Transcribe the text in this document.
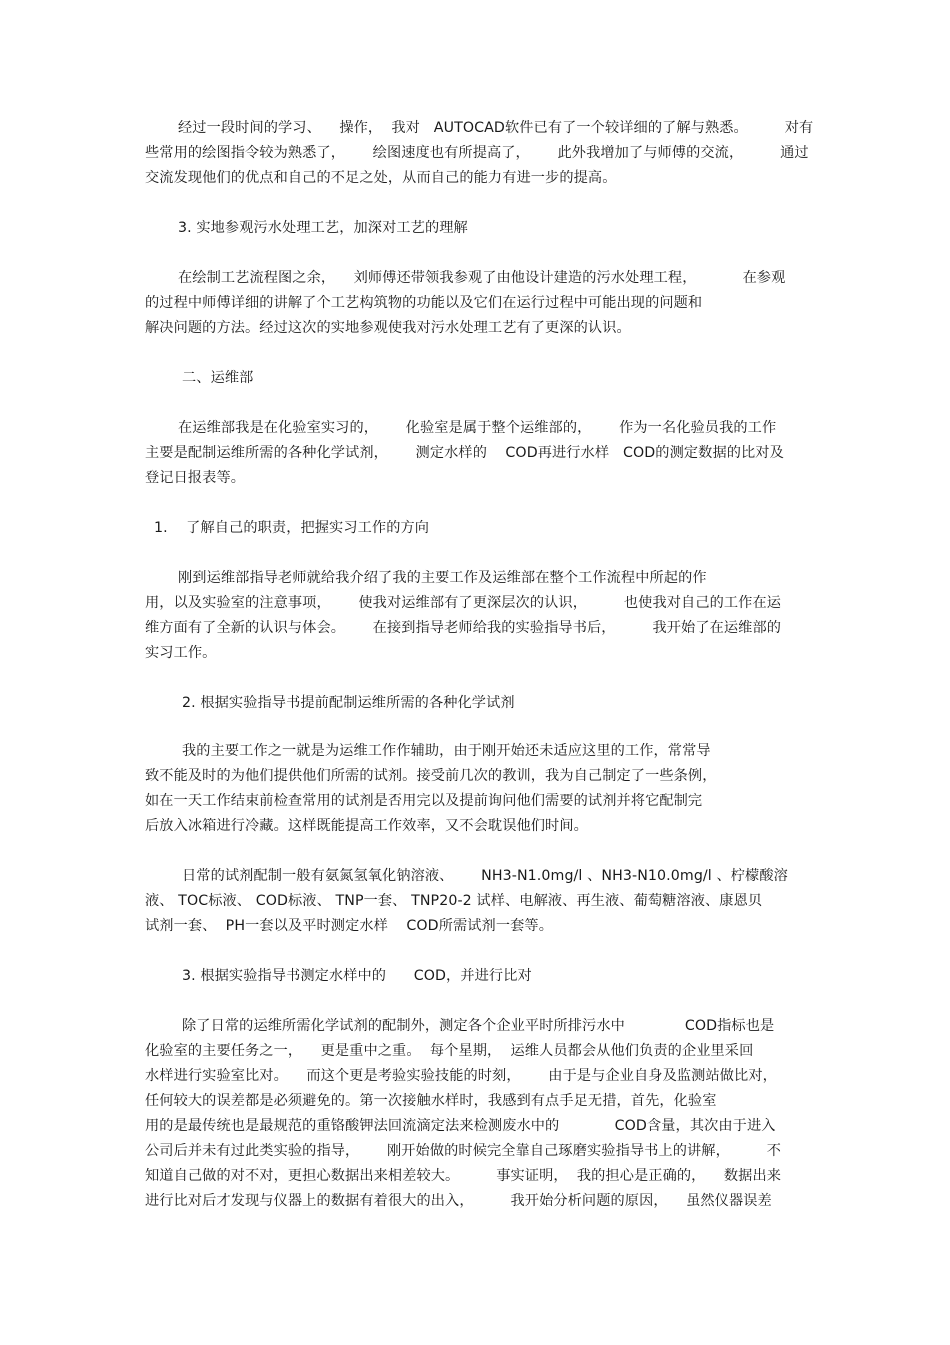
经过一段时间的学习、    操作，  我对   AUTOCAD软件已有了一个较详细的了解与熟悉。        对有
些常用的绘图指令较为熟悉了，      绘图速度也有所提高了，      此外我增加了与师傅的交流，        通过
交流发现他们的优点和自己的不足之处，从而自己的能力有进一步的提高。
3. 实地参观污水处理工艺，加深对工艺的理解
在绘制工艺流程图之余，    刘师傅还带领我参观了由他设计建造的污水处理工程，          在参观
的过程中师傅详细的讲解了个工艺构筑物的功能以及它们在运行过程中可能出现的问题和
解决问题的方法。经过这次的实地参观使我对污水处理工艺有了更深的认识。
二、运维部
在运维部我是在化验室实习的，      化验室是属于整个运维部的，      作为一名化验员我的工作
主要是配制运维所需的各种化学试剂，      测定水样的    COD再进行水样   COD的测定数据的比对及
登记日报表等。
1.    了解自己的职责，把握实习工作的方向
刚到运维部指导老师就给我介绍了我的主要工作及运维部在整个工作流程中所起的作
用，以及实验室的注意事项，      使我对运维部有了更深层次的认识，        也使我对自己的工作在运
维方面有了全新的认识与体会。      在接到指导老师给我的实验指导书后，        我开始了在运维部的
实习工作。
2. 根据实验指导书提前配制运维所需的各种化学试剂
我的主要工作之一就是为运维工作作辅助，由于刚开始还未适应这里的工作，常常导
致不能及时的为他们提供他们所需的试剂。接受前几次的教训，我为自己制定了一些条例，
如在一天工作结束前检查常用的试剂是否用完以及提前询问他们需要的试剂并将它配制完
后放入冰箱进行冷藏。这样既能提高工作效率，又不会耽误他们时间。
日常的试剂配制一般有氨氮氢氧化钠溶液、      NH3-N1.0mg/l 、NH3-N10.0mg/l 、柠檬酸溶
液、 TOC标液、 COD标液、 TNP一套、 TNP20-2 试样、电解液、再生液、葡萄糖溶液、康恩贝
试剂一套、  PH一套以及平时测定水样    COD所需试剂一套等。
3. 根据实验指导书测定水样中的      COD，并进行比对
除了日常的运维所需化学试剂的配制外，测定各个企业平时所排污水中             COD指标也是
化验室的主要任务之一，    更是重中之重。  每个星期，  运维人员都会从他们负责的企业里采回
水样进行实验室比对。    而这个更是考验实验技能的时刻，      由于是与企业自身及监测站做比对，
任何较大的误差都是必须避免的。第一次接触水样时，我感到有点手足无措，首先，化验室
用的是最传统也是最规范的重铬酸钾法回流滴定法来检测废水中的            COD含量，其次由于进入
公司后并未有过此类实验的指导，      刚开始做的时候完全靠自己琢磨实验指导书上的讲解，        不
知道自己做的对不对，更担心数据出来相差较大。        事实证明，  我的担心是正确的，    数据出来
进行比对后才发现与仪器上的数据有着很大的出入，        我开始分析问题的原因，    虽然仪器误差
